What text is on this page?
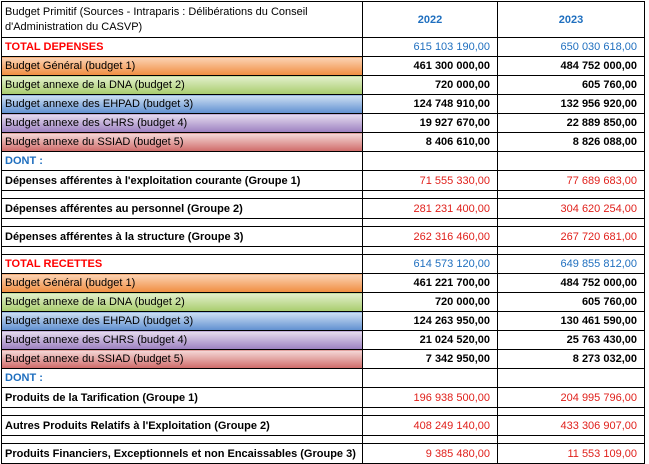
Budget Primitif (Sources - Intraparis : Délibérations du Conseil d'Administration du CASVP)	2022	2023
TOTAL DEPENSES	615 103 190,00	650 030 618,00
Budget Général (budget 1)	461 300 000,00	484 752 000,00
Budget annexe de la DNA (budget 2)	720 000,00	605 760,00
Budget annexe des EHPAD (budget 3)	124 748 910,00	132 956 920,00
Budget annexe des CHRS (budget 4)	19 927 670,00	22 889 850,00
Budget annexe du SSIAD (budget 5)	8 406 610,00	8 826 088,00
DONT :		
Dépenses afférentes à l'exploitation courante (Groupe 1)	71 555 330,00	77 689 683,00

Dépenses afférentes au personnel (Groupe 2)	281 231 400,00	304 620 254,00

Dépenses afférentes à la structure (Groupe 3)	262 316 460,00	267 720 681,00

TOTAL RECETTES	614 573 120,00	649 855 812,00
Budget Général (budget 1)	461 221 700,00	484 752 000,00
Budget annexe de la DNA (budget 2)	720 000,00	605 760,00
Budget annexe des EHPAD (budget 3)	124 263 950,00	130 461 590,00
Budget annexe des CHRS (budget 4)	21 024 520,00	25 763 430,00
Budget annexe du SSIAD (budget 5)	7 342 950,00	8 273 032,00
DONT :		
Produits de la Tarification (Groupe 1)	196 938 500,00	204 995 796,00

Autres Produits Relatifs à l'Exploitation (Groupe 2)	408 249 140,00	433 306 907,00

Produits Financiers, Exceptionnels et non Encaissables (Groupe 3)	9 385 480,00	11 553 109,00
